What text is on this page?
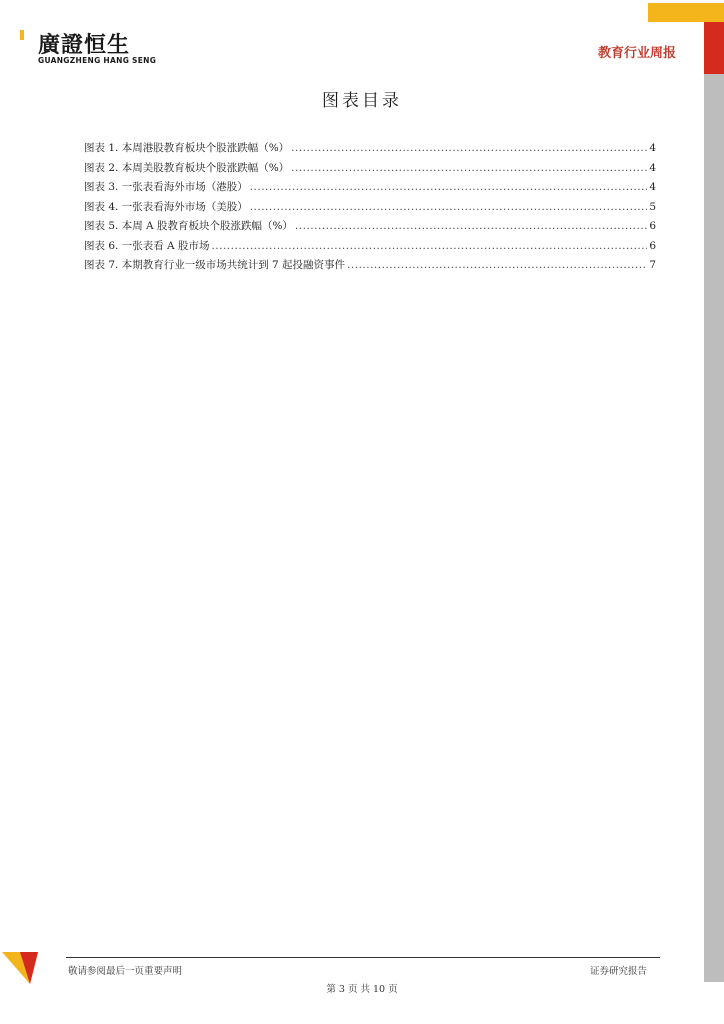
廣證恒生
GUANGZHENG HANG SENG	教育行业周报
图表目录
图表 1. 本周港股教育板块个股涨跌幅（%） .....	4
图表 2. 本周美股教育板块个股涨跌幅（%） .....	4
图表 3. 一张表看海外市场（港股） .....	4
图表 4. 一张表看海外市场（美股） .....	5
图表 5. 本周 A 股教育板块个股涨跌幅（%） .....	6
图表 6. 一张表看 A 股市场 .....	6
图表 7. 本期教育行业一级市场共统计到 7 起投融资事件 .....	7
敬请参阅最后一页重要声明	证券研究报告
第 3 页 共 10 页
